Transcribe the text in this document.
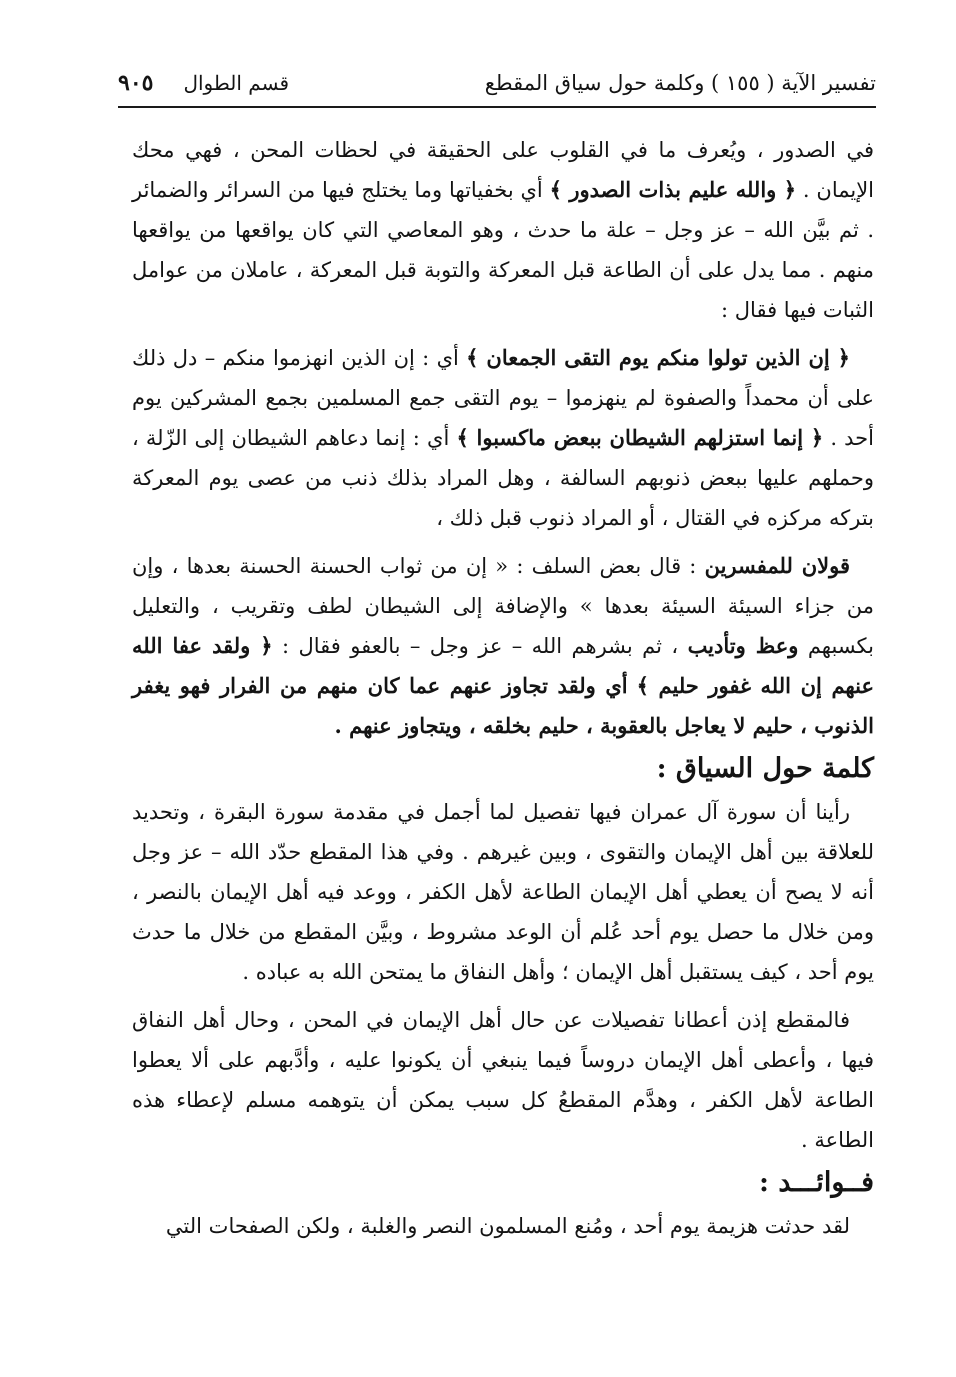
تفسير الآية ( ١٥٥ ) وكلمة حول سياق المقطع
قسم الطوال
٩٠٥

في الصدور ، ويُعرف ما في القلوب على الحقيقة في لحظات المحن ، فهي محك الإيمان . ﴿ والله عليم بذات الصدور ﴾ أي بخفياتها وما يختلج فيها من السرائر والضمائر . ثم بيَّن الله – عز وجل – علة ما حدث ، وهو المعاصي التي كان يواقعها من يواقعها منهم . مما يدل على أن الطاعة قبل المعركة والتوبة قبل المعركة ، عاملان من عوامل الثبات فيها فقال :

﴿ إن الذين تولوا منكم يوم التقى الجمعان ﴾ أي : إن الذين انهزموا منكم – دل ذلك على أن محمداً والصفوة لم ينهزموا – يوم التقى جمع المسلمين بجمع المشركين يوم أحد . ﴿ إنما استزلهم الشيطان ببعض ماكسبوا ﴾ أي : إنما دعاهم الشيطان إلى الزّلة ، وحملهم عليها ببعض ذنوبهم السالفة ، وهل المراد بذلك ذنب من عصى يوم المعركة بتركه مركزه في القتال ، أو المراد ذنوب قبل ذلك ،

قولان للمفسرين : قال بعض السلف : « إن من ثواب الحسنة الحسنة بعدها ، وإن من جزاء السيئة السيئة بعدها » والإضافة إلى الشيطان لطف وتقريب ، والتعليل بكسبهم وعظ وتأديب ، ثم بشرهم الله – عز وجل – بالعفو فقال : ﴿ ولقد عفا الله عنهم إن الله غفور حليم ﴾ أي ولقد تجاوز عنهم عما كان منهم من الفرار فهو يغفر الذنوب ، حليم لا يعاجل بالعقوبة ، حليم بخلقه ، ويتجاوز عنهم .

كلمة حول السياق :

رأينا أن سورة آل عمران فيها تفصيل لما أجمل في مقدمة سورة البقرة ، وتحديد للعلاقة بين أهل الإيمان والتقوى ، وبين غيرهم . وفي هذا المقطع حدّد الله – عز وجل أنه لا يصح أن يعطي أهل الإيمان الطاعة لأهل الكفر ، ووعد فيه أهل الإيمان بالنصر ، ومن خلال ما حصل يوم أحد عُلم أن الوعد مشروط ، وبيَّن المقطع من خلال ما حدث يوم أحد ، كيف يستقبل أهل الإيمان ؛ وأهل النفاق ما يمتحن الله به عباده .

فالمقطع إذن أعطانا تفصيلات عن حال أهل الإيمان في المحن ، وحال أهل النفاق فيها ، وأعطى أهل الإيمان دروساً فيما ينبغي أن يكونوا عليه ، وأدَّبهم على ألا يعطوا الطاعة لأهل الكفر ، وهدَّم المقطعُ كل سبب يمكن أن يتوهمه مسلم لإعطاء هذه الطاعة .

فــوائـــد :

لقد حدثت هزيمة يوم أحد ، ومُنع المسلمون النصر والغلبة ، ولكن الصفحات التي
